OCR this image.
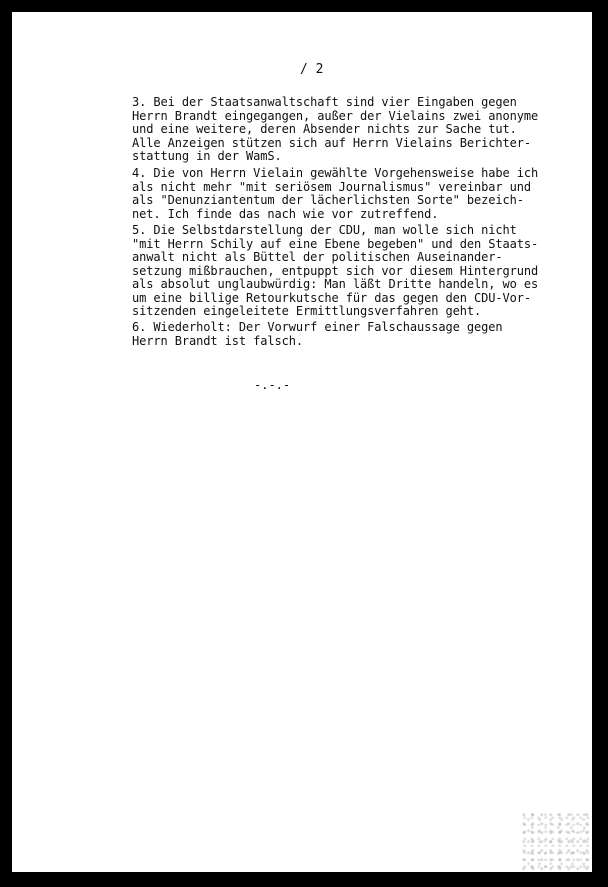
/ 2
3. Bei der Staatsanwaltschaft sind vier Eingaben gegen
Herrn Brandt eingegangen, außer der Vielains zwei anonyme
und eine weitere, deren Absender nichts zur Sache tut.
Alle Anzeigen stützen sich auf Herrn Vielains Berichter-
stattung in der WamS.
4. Die von Herrn Vielain gewählte Vorgehensweise habe ich
als nicht mehr "mit seriösem Journalismus" vereinbar und
als "Denunziantentum der lächerlichsten Sorte" bezeich-
net. Ich finde das nach wie vor zutreffend.
5. Die Selbstdarstellung der CDU, man wolle sich nicht
"mit Herrn Schily auf eine Ebene begeben" und den Staats-
anwalt nicht als Büttel der politischen Auseinander-
setzung mißbrauchen, entpuppt sich vor diesem Hintergrund
als absolut unglaubwürdig: Man läßt Dritte handeln, wo es
um eine billige Retourkutsche für das gegen den CDU-Vor-
sitzenden eingeleitete Ermittlungsverfahren geht.
6. Wiederholt: Der Vorwurf einer Falschaussage gegen
Herrn Brandt ist falsch.
-.-.-
